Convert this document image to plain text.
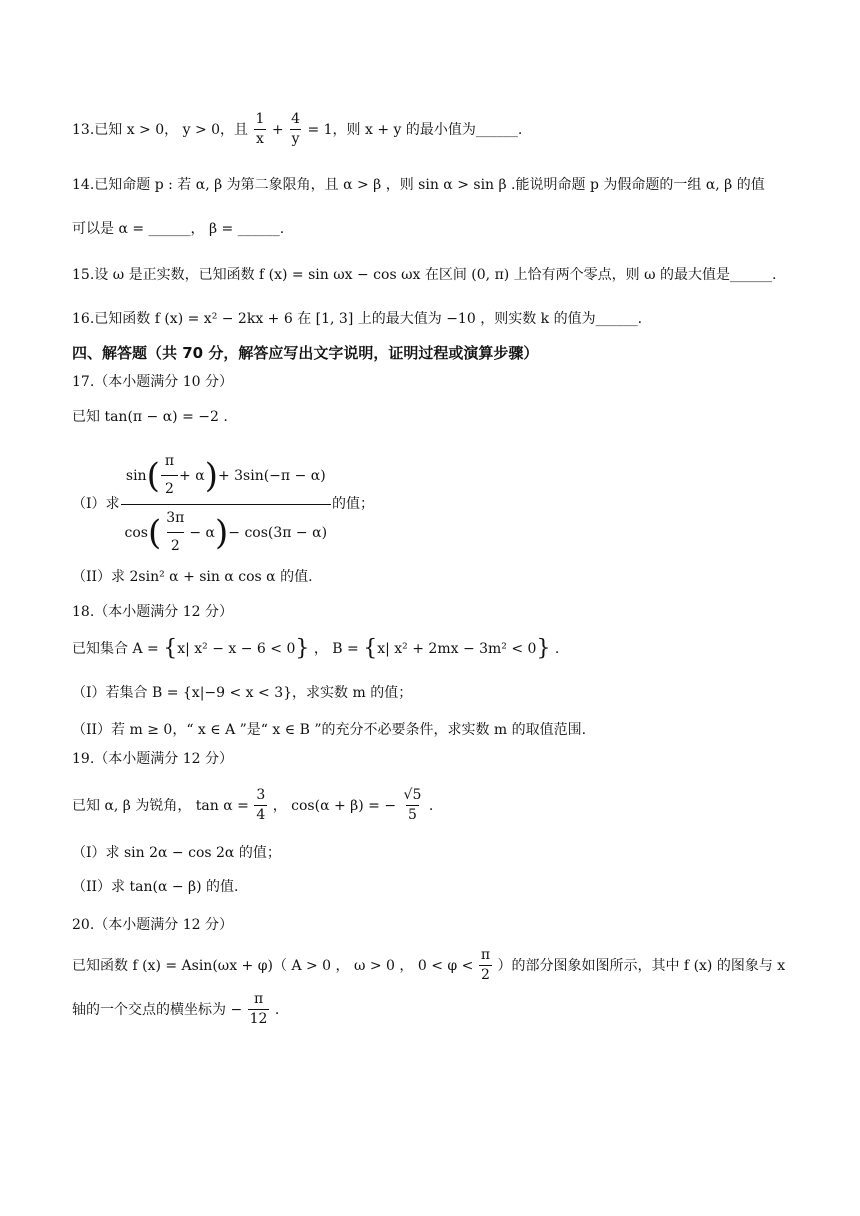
13.已知 x > 0， y > 0，且 $\frac{1}{x} + \frac{4}{y} = 1$，则 x + y 的最小值为______.
14.已知命题 p : 若 α, β 为第二象限角，且 α > β ，则 sin α > sin β .能说明命题 p 为假命题的一组 α, β 的值
可以是 α = ______， β = ______.
15.设 ω 是正实数，已知函数 f (x) = sin ωx − cos ωx 在区间 (0, π) 上恰有两个零点，则 ω 的最大值是______.
16.已知函数 f (x) = x² − 2kx + 6 在 [1, 3] 上的最大值为 −10 ，则实数 k 的值为______.
四、解答题（共 70 分，解答应写出文字说明，证明过程或演算步骤）
17.（本小题满分 10 分）
已知 tan(π − α) = −2 .
（I）求 $\frac{\sin( \frac{\pi}{2} + \alpha)+ 3\sin(-\pi - \alpha)}{\cos( \frac{3\pi}{2} - \alpha)- \cos(3\pi - \alpha)}$ 的值；
（II）求 2sin² α + sin α cos α 的值.
18.（本小题满分 12 分）
已知集合 A = {x| x² − x − 6 < 0} ， B = {x| x² + 2mx − 3m² < 0} .
（I）若集合 B = {x|−9 < x < 3}，求实数 m 的值；
（II）若 m ≥ 0，“ x ∈ A ”是“ x ∈ B ”的充分不必要条件，求实数 m 的取值范围.
19.（本小题满分 12 分）
已知 α, β 为锐角， $\tan \alpha = \frac{3}{4}$ ， cos(α + β) = − $\frac{√5}{5}$ .
（I）求 sin 2α − cos 2α 的值；
（II）求 tan(α − β) 的值.
20.（本小题满分 12 分）
已知函数 f (x) = Asin(ωx + φ)（ A > 0 ， ω > 0 ， $0 < \varphi < \frac{\pi}{2}$ ）的部分图象如图所示，其中 f (x) 的图象与 x
轴的一个交点的横坐标为 − $\frac{\pi}{12}$ .
